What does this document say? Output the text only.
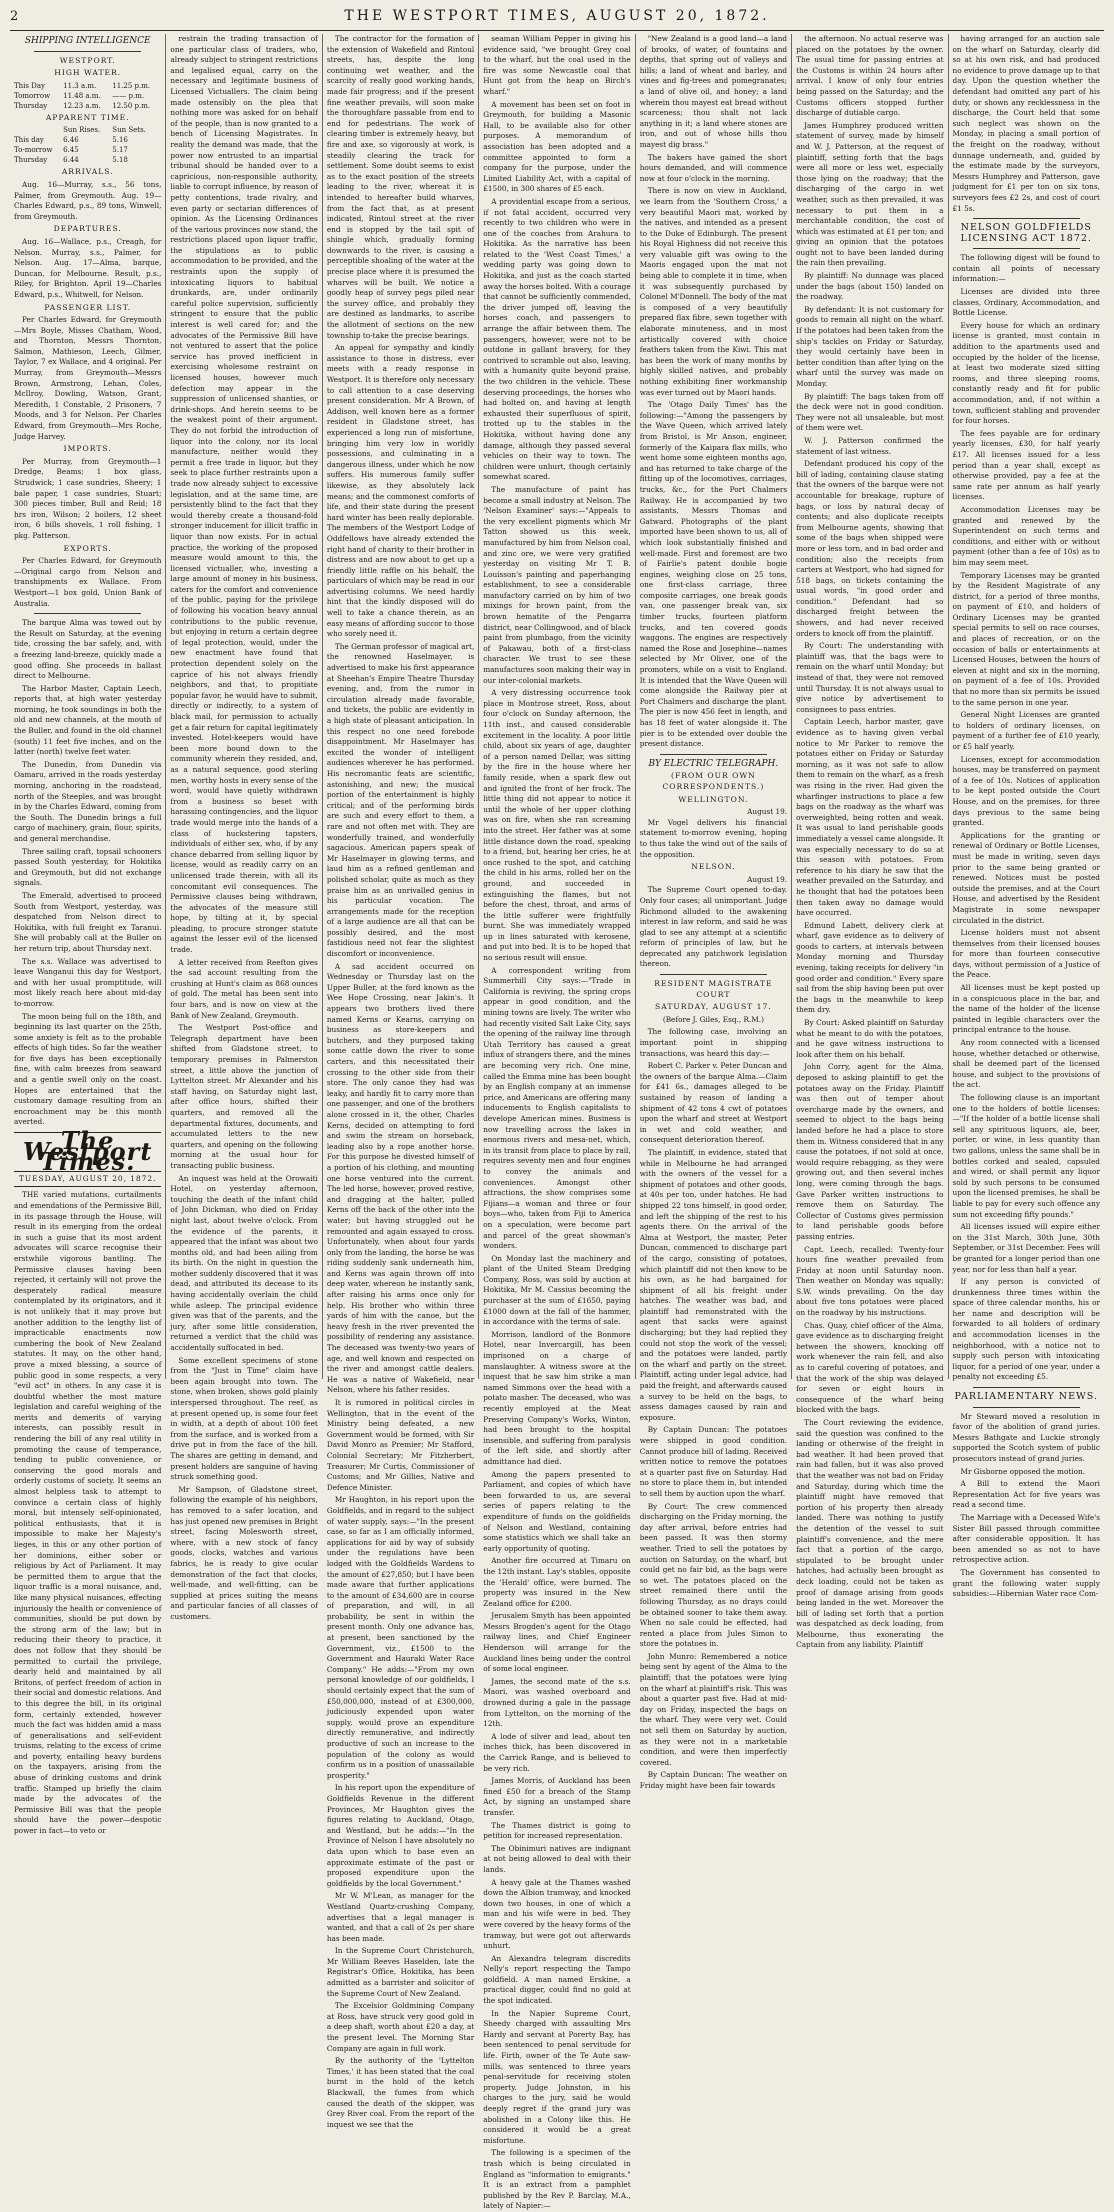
2	THE WESTPORT TIMES, AUGUST 20, 1872.
SHIPPING INTELLIGENCE
WESTPORT.
HIGH WATER.
This Day	11.3 a.m.	11.25 p.m.
Tomorrow	11.48 a.m.	—— p.m.
Thursday	12.23 a.m.	12.50 p.m.
APPARENT TIME.
Sun Rises.	Sun Sets.
This day	6.46	5.16
To-morrow	6.45	5.17
Thursday	6.44	5.18
ARRIVALS.

Aug. 16—Murray, s.s., 56 tons, Palmer, from Greymouth. Aug. 19—Charles Edward, p.s., 89 tons, Winwell, from Greymouth.

DEPARTURES.

Aug. 16—Wallace, p.s., Creagh, for Nelson. Murray, s.s., Palmer, for Nelson. Aug. 17—Alma, barque, Duncan, for Melbourne. Result, p.s., Riley, for Brighton. April 19—Charles Edward, p.s., Whitwell, for Nelson.

PASSENGER LIST.

Per Charles Edward, for Greymouth—Mrs Boyle, Misses Chatham, Wood, and Thornton, Messrs Thornton, Salmon, Mathieson, Leech, Gilmer, Taylor, 7 ex Wallace, and 4 original. Per Murray, from Greymouth—Messrs Brown, Armstrong, Lehan, Coles, McIlroy, Dowling, Watson, Grant, Meredith, 1 Constable, 2 Prisoners, 7 Moods, and 3 for Nelson. Per Charles Edward, from Greymouth—Mrs Roche, Judge Harvey.

IMPORTS.

Per Murray, from Greymouth—1 Dredge, Beams; 1 box glass, Strudwick; 1 case sundries, Sheery; 1 bale paper, 1 case sundries, Stuart; 300 pieces timber, Bull and Reid; 18 hrs iron, Wilson; 2 boilers, 12 sheet iron, 6 bills shovels, 1 roll fishing, 1 pkg. Patterson.

EXPORTS.

Per Charles Edward, for Greymouth—Original cargo from Nelson and transhipments ex Wallace. From Westport—1 box gold, Union Bank of Australia.

The barque Alma was towed out by the Result on Saturday, at the evening tide, crossing the bar safely, and, with a freezing land-breeze, quickly made a good offing. She proceeds in ballast direct to Melbourne.

The Harbor Master, Captain Leech, reports that, at high water yesterday morning, he took soundings in both the old and new channels, at the mouth of the Buller, and found in the old channel (south) 11 feet five inches, and on the latter (north) twelve feet water.

The Dunedin, from Dunedin via Oamaru, arrived in the roads yesterday morning, anchoring in the roadstead, north of the Steeples, and was brought in by the Charles Edward, coming from the South. The Dunedin brings a full cargo of machinery, grain, flour, spirits, and general merchandise.

Three sailing craft, topsail schooners passed South yesterday, for Hokitika and Greymouth, but did not exchange signals.

The Emerald, advertised to proceed South from Westport, yesterday, was despatched from Nelson direct to Hokitika, with full freight ex Taranui. She will probably call at the Buller on her return trip, about Thursday next.

The s.s. Wallace was advertised to leave Wanganui this day for Westport, and with her usual promptitude, will most likely reach here about mid-day to-morrow.

The moon being full on the 18th, and beginning its last quarter on the 25th, some anxiety is felt as to the probable effects of high tides. So far the weather for five days has been exceptionally fine, with calm breezes from seaward and a gentle swell only on the coast. Hopes are entertained that the customary damage resulting from an encroachment may be this month averted.

The Westport Times.
TUESDAY, AUGUST 20, 1872.

THE varied mutations, curtailments and emendations of the Permissive Bill, in its passage through the House, will result in its emerging from the ordeal in such a guise that its most ardent advocates will scarce recognise their erstwhile vigorous bantling. The Permissive clauses having been rejected, it certainly will not prove the desperately radical measure contemplated by its originators, and it is not unlikely that it may prove but another addition to the lengthy list of impracticable enactments now cumbering the book of New Zealand statutes. It may, on the other hand, prove a mixed blessing, a source of public good in some respects, a very "evil act" in others. In any case it is doubtful whether the most mature legislation and careful weighing of the merits and demerits of varying interests, can possibly result in rendering the bill of any real utility in promoting the cause of temperance, tending to public convenience, or conserving the good morals and orderly customs of society. It seems an almost helpless task to attempt to convince a certain class of highly moral, but intensely self-opinionated, political enthusiasts, that it is impossible to make her Majesty's lieges, in this or any other portion of her dominions, either sober or religious by Act of Parliament. It may be permitted them to argue that the liquor traffic is a moral nuisance, and, like many physical nuisances, effecting injuriously the health or convenience of communities, should be put down by the strong arm of the law; but in reducing their theory to practice, it does not follow that they should be permitted to curtail the privilege, dearly held and maintained by all Britons, of perfect freedom of action in their social and domestic relations. And to this degree the bill, in its original form, certainly extended, however much the fact was hidden amid a mass of generalisations and self-evident truisms, relating to the excess of crime and poverty, entailing heavy burdens on the taxpayers, arising from the abuse of drinking customs and drink traffic. Stamped up briefly the claim made by the advocates of the Permissive Bill was that the people should have the power—despotic power in fact—to veto or

restrain the trading transaction of one particular class of traders, who, already subject to stringent restrictions and legalised equal, carry on the necessary and legitimate business of Licensed Victuallers. The claim being made ostensibly on the plea that nothing more was asked for on behalf of the people, than is now granted to a bench of Licensing Magistrates. In reality the demand was made, that the power now entrusted to an impartial tribunal should be handed over to a capricious, non-responsible authority, liable to corrupt influence, by reason of petty contentions, trade rivalry, and even party or sectarian differences of opinion. As the Licensing Ordinances of the various provinces now stand, the restrictions placed upon liquor traffic, the stipulations as to public accommodation to be provided, and the restraints upon the supply of intoxicating liquors to habitual drunkards, are, under ordinarily careful police supervision, sufficiently stringent to ensure that the public interest is well cared for; and the advocates of the Permissive Bill have not ventured to assert that the police service has proved inefficient in exercising wholesome restraint on licensed houses, however much defection may appear in the suppression of unlicensed shanties, or drink-shops. And herein seems to be the weakest point of their argument. They do not forbid the introduction of liquor into the colony, nor its local manufacture, neither would they permit a free trade in liquor, but they seek to place further restraints upon a trade now already subject to excessive legislation, and at the same time, are persistently blind to the fact that they would thereby create a thousand-fold stronger inducement for illicit traffic in liquor than now exists. For in actual practice, the working of the proposed measure would amount to this, the licensed victualler, who, investing a large amount of money in his business, caters for the comfort and convenience of the public, paying for the privilege of following his vocation heavy annual contributions to the public revenue, but enjoying in return a certain degree of legal protection, would, under the new enactment have found that protection dependent solely on the caprice of his not always friendly neighbors, and that, to propitiate popular favor, he would have to submit, directly or indirectly, to a system of black mail, for permission to actually get a fair return for capital legitimately invested. Hotel-keepers would have been more bound down to the community wherein they resided, and, as a natural sequence, good sterling men, worthy hosts in every sense of the word, would have quietly withdrawn from a business so beset with harassing contingencies, and the liquor trade would merge into the hands of a class of huckstering tapsters, individuals of either sex, who, if by any chance debarred from selling liquor by license, would as readily carry on an unlicensed trade therein, with all its concomitant evil consequences. The Permissive clauses being withdrawn, the advocates of the measure still hope, by tilting at it, by special pleading, to procure stronger statute against the lesser evil of the licensed trade.

A letter received from Reefton gives the sad account resulting from the crushing at Hunt's claim as 868 ounces of gold. The metal has been sent into four bars, and is now on view at the Bank of New Zealand, Greymouth.

The Westport Post-office and Telegraph department have been shifted from Gladstone street, to temporary premises in Palmerston street, a little above the junction of Lyttelton street. Mr Alexander and his staff having, on Saturday night last, after office hours, shifted their quarters, and removed all the departmental fixtures, documents, and accumulated letters to the new quarters, and opening on the following morning at the usual hour for transacting public business.

An inquest was held at the Orowaiti Hotel, on yesterday afternoon, touching the death of the infant child of John Dickman, who died on Friday night last, about twelve o'clock. From the evidence of the parents, it appeared that the infant was about two months old, and had been ailing from its birth. On the night in question the mother suddenly discovered that it was dead, and attributed its decease to its having accidentally overlain the child while asleep. The principal evidence given was that of the parents, and the jury, after some little consideration, returned a verdict that the child was accidentally suffocated in bed.

Some excellent specimens of stone from the "Just in Time" claim have been again brought into town. The stone, when broken, shows gold plainly interspersed throughout. The reef, as at present opened up, is some four feet in width, at a depth of about 100 feet from the surface, and is worked from a drive put in from the face of the hill. The shares are getting in demand, and present holders are sanguine of having struck something good.

Mr Sampson, of Gladstone street, following the example of his neighbors, has removed to a safer location, and has just opened new premises in Bright street, facing Molesworth street, where, with a new stock of fancy goods, clocks, watches and various fabrics, he is ready to give ocular demonstration of the fact that clocks, well-made, and well-fitting, can be supplied at prices suiting the means and particular fancies of all classes of customers.

The contractor for the formation of the extension of Wakefield and Rintoul streets, has, despite the long continuing wet weather, and the scarcity of really good working hands, made fair progress; and if the present fine weather prevails, will soon make the thoroughfare passable from end to end for pedestrians. The work of clearing timber is extremely heavy, but fire and axe, so vigorously at work, is steadily clearing the track for settlement. Some doubt seems to exist as to the exact position of the streets leading to the river, whereat it is intended to hereafter build wharves, from the fact that, as at present indicated, Rintoul street at the river end is stopped by the tail spit of shingle which, gradually forming downwards to the river, is causing a perceptible shoaling of the water at the precise place where it is presumed the wharves will be built. We notice a goodly heap of survey pegs piled near the survey office, and probably they are destined as landmarks, to ascribe the allotment of sections on the new township to-take the precise bearings.

An appeal for sympathy and kindly assistance to those in distress, ever meets with a ready response in Westport. It is therefore only necessary to call attention to a case deserving present consideration. Mr A Brown, of Addison, well known here as a former resident in Gladstone street, has experienced a long run of misfortune, bringing him very low in worldly possessions, and culminating in a dangerous illness, under which he now suffers. His numerous family suffer likewise, as they absolutely lack means; and the commonest comforts of life, and their state during the present hard winter has been really deplorable. The members of the Westport Lodge of Oddfellows have already extended the right hand of charity to their brother in distress and are now about to get up a friendly little raffle on his behalf, the particulars of which may be read in our advertising columns. We need hardly hint that the kindly disposed will do well to take a chance therein, as an easy means of affording succor to those who sorely need it.

The German professor of magical art, the renowned Haselmayer, is advertised to make his first appearance at Sheehan's Empire Theatre Thursday evening, and, from the rumor in circulation already made favorable, and tickets, the public are evidently in a high state of pleasant anticipation. In this respect no one need forebode disappointment. Mr Haselmayer has excited the wonder of intelligent audiences wherever he has performed. His necromantic feats are scientific, astonishing, and new; the musical portion of the entertainment is highly critical; and of the performing birds are such and every effort to them, a rare and not often met with. They are wonderfully trained, and wonderfully sagacious. American papers speak of Mr Haselmayer in glowing terms, and laud him as a refined gentleman and polished scholar, quite as much as they praise him as an unrivalled genius in his particular vocation. The arrangements made for the reception of a large audience are all that can be possibly desired, and the most fastidious need not fear the slightest discomfort or inconvenience.

A sad accident occurred on Wednesday or Thursday last on the Upper Buller, at the ford known as the Wee Hope Crossing, near Jakin's. It appears two brothers lived there named Kerns or Kearns, carrying on business as store-keepers and butchers, and they purposed taking some cattle down the river to some carters, and this necessitated their crossing to the other side from their store. The only canoe they had was leaky, and hardly fit to carry more than one passenger, and one of the brothers alone crossed in it, the other, Charles Kerns, decided on attempting to ford and swim the stream on horseback, leading also by a rope another horse. For this purpose he divested himself of a portion of his clothing, and mounting one horse ventured into the current. The led horse, however, proved restive, and dragging at the halter, pulled Kerns off the back of the other into the water; but having struggled out he remounted and again essayed to cross. Unfortunately, when about four yards only from the landing, the horse he was riding suddenly sank underneath him, and Kerns was again thrown off into deep water, whereon he instantly sank, after raising his arms once only for help. His brother who within three yards of him with the canoe, but the heavy fresh in the river prevented the possibility of rendering any assistance. The deceased was twenty-two years of age, and well known and respected on the river and amongst cattle dealers. He was a native of Wakefield, near Nelson, where his father resides.

It is rumored in political circles in Wellington, that in the event of the Ministry being defeated, a new Government would be formed, with Sir David Monro as Premier; Mr Stafford, Colonial Secretary; Mr Fitzherbert, Treasurer; Mr Curtis, Commissioner of Customs; and Mr Gillies, Native and Defence Minister.

Mr Haughton, in his report upon the Goldfields, and in regard to the subject of water supply, says:—"In the present case, so far as I am officially informed, applications for aid by way of subsidy under the regulations have been lodged with the Goldfields Wardens to the amount of £27,850; but I have been made aware that further applications to the amount of £34,600 are in course of preparation, and will, in all probability, be sent in within the present month. Only one advance has, at present, been sanctioned by the Government, viz., £1500 to the Government and Hauraki Water Race Company." He adds:—"From my own personal knowledge of our goldfields, I should certainly expect that the sum of £50,000,000, instead of at £300,000, judiciously expended upon water supply, would prove an expenditure directly remunerative, and indirectly productive of such an increase to the population of the colony as would confirm us in a position of unassailable prosperity."

In his report upon the expenditure of Goldfields Revenue in the different Provinces, Mr Haughton gives the figures relating to Auckland, Otago, and Westland, but he adds:—"In the Province of Nelson I have absolutely no data upon which to base even an approximate estimate of the past or proposed expenditure upon the goldfields by the local Government."

Mr W. M'Lean, as manager for the Westland Quartz-crushing Company, advertises that a legal manager is wanted, and that a call of 2s per share has been made.

In the Supreme Court Christchurch, Mr William Reeves Haselden, late the Registrar's Office, Hokitika, has been admitted as a barrister and solicitor of the Supreme Court of New Zealand.

The Excelsior Goldmining Company at Ross, have struck very good gold in a deep shaft, worth about £20 a day, at the present level. The Morning Star Company are again in full work.

By the authority of the 'Lyttelton Times,' it has been stated that the coal burnt in the hold of the ketch Blackwall, the fumes from which caused the death of the skipper, was Grey River coal. From the report of the inquest we see that the

seaman William Pepper in giving his evidence said, "we brought Grey coal to the wharf, but the coal used in the fire was some Newcastle coal that Hunt got from the heap on Birch's wharf."

A movement has been set on foot in Greymouth, for building a Masonic Hall, to be available also for other purposes. A memorandum of association has been adopted and a committee appointed to form a company for the purpose, under the Limited Liability Act, with a capital of £1500, in 300 shares of £5 each.

A providential escape from a serious, if not fatal accident, occurred very recently to two children who were in one of the coaches from Arahura to Hokitika. As the narrative has been related to the 'West Coast Times,' a wedding party was going down to Hokitika, and just as the coach started away the horses bolted. With a courage that cannot be sufficiently commended, the driver jumped off, leaving the horses coach, and passengers to arrange the affair between them. The passengers, however, were not to be outdone in gallant bravery, for they contrived to scramble out also, leaving, with a humanity quite beyond praise, the two children in the vehicle. These deserving proceedings, the horses who had bolted on, and having at length exhausted their superfluous of spirit, trotted up to the stables in the Hokitika, without having done any damage, although they passed several vehicles on their way to town. The children were unhurt, though certainly somewhat scared.

The manufacture of paint has become a small industry at Nelson. The 'Nelson Examiner' says:—"Appeals to the very excellent pigments which Mr Tatton showed us this week, manufactured by him from Nelson coal, and zinc ore, we were very gratified yesterday on visiting Mr T. B. Louisson's painting and paperhanging establishment, to see a considerable manufactory carried on by him of two mixings for brown paint, from the brown hematite of the Pengarra district, near Collingwood, and of black paint from plumbago, from the vicinity of Pakawau, both of a first-class character. We trust to see these manufactures soon making their way in our inter-colonial markets.

A very distressing occurrence took place in Montrose street, Ross, about four o'clock on Sunday afternoon, the 11th inst., and caused considerable excitement in the locality. A poor little child, about six years of age, daughter of a person named Dellar, was sitting by the fire in the house where her family reside, when a spark flew out and ignited the front of her frock. The little thing did not appear to notice it until the whole of her upper clothing was on fire, when she ran screaming into the street. Her father was at some little distance down the road, speaking to a friend, but, hearing her cries, he at once rushed to the spot, and catching the child in his arms, rolled her on the ground, and succeeded in extinguishing the flames, but not before the chest, throat, and arms of the little sufferer were frightfully burnt. She was immediately wrapped up in lines saturated with kerosene, and put into bed. It is to be hoped that no serious result will ensue.

A correspondent writing from Summerhill City says:—"Trade in California is reviving, the spring crops appear in good condition, and the mining towns are lively. The writer who had recently visited Salt Lake City, says the opening of the railway line through Utah Territory has caused a great influx of strangers there, and the mines are becoming very rich. One mine, called the Emma mine has been bought by an English company at an immense price, and Americans are offering many inducements to English capitalists to develope American mines. Business is now travelling across the lakes in enormous rivers and mesa-net, which, in its transit from place to place by rail, requires seventy men and four engines to convey the animals and conveniences. Amongst other attractions, the show comprises some Fijians—a woman and three or four boys—who, taken from Fiji to America on a speculation, were become part and parcel of the great showman's wonders.

On Monday last the machinery and plant of the United Steam Dredging Company, Ross, was sold by auction at Hokitika, Mr M. Cassius becoming the purchaser at the sum of £1650, paying £1000 down at the fall of the hammer, in accordance with the terms of sale.

Morrison, landlord of the Bonmore Hotel, near Invercargill, has been imprisoned on a charge of manslaughter. A witness swore at the inquest that he saw him strike a man named Simmons over the head with a potato masher. The deceased, who was recently employed at the Meat Preserving Company's Works, Winton, had been brought to the hospital insensible, and suffering from paralysis of the left side, and shortly after admittance had died.

Among the papers presented to Parliament, and copies of which have been forwarded to us, are several series of papers relating to the expenditure of funds on the goldfields of Nelson and Westland, containing some statistics which we shall take an early opportunity of quoting.

Another fire occurred at Timaru on the 12th instant. Lay's stables, opposite the 'Herald' office, were burned. The property was insured in the New Zealand office for £200.

Jerusalem Smyth has been appointed Messrs Brogden's agent for the Otago railway lines, and Chief Engineer Henderson will arrange for the Auckland lines being under the control of some local engineer.

James, the second mate of the s.s. Maori, was washed overboard and drowned during a gale in the passage from Lyttelton, on the morning of the 12th.

A lode of silver and lead, about ten inches thick, has been discovered in the Carrick Range, and is believed to be very rich.

James Morris, of Auckland has been fined £50 for a breach of the Stamp Act, by signing an unstamped share transfer.

The Thames district is going to petition for increased representation.

The Obinimuri natives are indignant at not being allowed to deal with their lands.

A heavy gale at the Thames washed down the Albion tramway, and knocked down two houses, in one of which a man and his wife were in bed. They were covered by the heavy forms of the tramway, but were got out afterwards unhurt.

An Alexandra telegram discredits Nelly's report respecting the Tampo goldfield. A man named Erskine, a practical digger, could find no gold at the spot indicated.

In the Napier Supreme Court, Sheedy charged with assaulting Mrs Hardy and servant at Porerty Bay, has been sentenced to penal servitude for life. Firth, owner of the Te Aute saw-mills, was sentenced to three years penal-servitude for receiving stolen property. Judge Johnston, in his charges to the jury, said he would deeply regret if the grand jury was abolished in a Colony like this. He considered it would be a great misfortune.

The following is a specimen of the trash which is being circulated in England as "information to emigrants." It is an extract from a pamphlet published by the Rev P. Barclay, M.A., lately of Napier:—

"New Zealand is a good land—a land of brooks, of water, of fountains and depths, that spring out of valleys and hills; a land of wheat and barley, and vines and fig-trees and pomegranates; a land of olive oil, and honey; a land wherein thou mayest eat bread without scarceness; thou shalt not lack anything in it; a land where stones are iron, and out of whose hills thou mayest dig brass."

The bakers have gained the short hours demanded, and will commence now at four o'clock in the morning.

There is now on view in Auckland, we learn from the 'Southern Cross,' a very beautiful Maori mat, worked by the natives, and intended as a present to the Duke of Edinburgh. The present his Royal Highness did not receive this very valuable gift was owing to the Maoris engaged upon the mat not being able to complete it in time, when it was subsequently purchased by Colonel M'Donnell. The body of the mat is composed of a very beautifully prepared flax fibre, sewn together with elaborate minuteness, and in most artistically covered with choice feathers taken from the Kiwi. This mat has been the work of many months by highly skilled natives, and probably nothing exhibiting finer workmanship was ever turned out by Maori hands.

The 'Otago Daily Times' has the following:—"Among the passengers by the Wave Queen, which arrived lately from Bristol, is Mr Anson, engineer, formerly of the Kaipara flax mills, who went home some eighteen months ago, and has returned to take charge of the fitting up of the locomotives, carriages, trucks, &c., for the Port Chalmers Railway. He is accompanied by two assistants, Messrs Thomas and Gatward. Photographs of the plant imported have been shown to us, all of which look substantially finished and well-made. First and foremost are two of Fairlie's patent double bogie engines, weighing close on 25 tons, one first-class carriage, three composite carriages, one break goods van, one passenger break van, six timber trucks, fourteen platform trucks, and ten covered goods waggons. The engines are respectively named the Rose and Josephine—names selected by Mr Oliver, one of the promoters, while on a visit to England. It is intended that the Wave Queen will come alongside the Railway pier at Port Chalmers and discharge the plant. The pier is now 456 feet in length, and has 18 feet of water alongside it. The pier is to be extended over double the present distance.

BY ELECTRIC TELEGRAPH.
(FROM OUR OWN CORRESPONDENTS.)
WELLINGTON.
August 19.

Mr Vogel delivers his financial statement to-morrow evening, hoping to thus take the wind out of the sails of the opposition.

NELSON.
August 19.

The Supreme Court opened to-day. Only four cases; all unimportant. Judge Richmond alluded to the awakening interest in law reform, and said he was glad to see any attempt at a scientific reform of principles of law, but he deprecated any patchwork legislation thereon.

RESIDENT MAGISTRATE COURT
SATURDAY, AUGUST 17.
(Before J. Giles, Esq., R.M.)

The following case, involving an important point in shipping transactions, was heard this day:—

Robert C. Parker v. Peter Duncan and the owners of the barque Alma.—Claim for £41 6s., damages alleged to be sustained by reason of landing a shipment of 42 tons 4 cwt of potatoes upon the wharf and street at Westport in wet and cold weather, and consequent deterioration thereof.

The plaintiff, in evidence, stated that while in Melbourne he had arranged with the owners of the vessel for a shipment of potatoes and other goods, at 40s per ton, under hatches. He had shipped 22 tons himself, in good order, and left the shipping of the rest to his agents there. On the arrival of the Alma at Westport, the master, Peter Duncan, commenced to discharge part of the cargo, consisting of potatoes, which plaintiff did not then know to be his own, as he had bargained for shipment of all his freight under hatches. The weather was bad, and plaintiff had remonstrated with the agent that sacks were against discharging; but they had replied they could not stop the work of the vessel; and the potatoes were landed, partly on the wharf and partly on the street. Plaintiff, acting under legal advice, had paid the freight, and afterwards caused a survey to be held on the bags, to assess damages caused by rain and exposure.

By Captain Duncan: The potatoes were shipped in good condition. Cannot produce bill of lading. Received written notice to remove the potatoes at a quarter past five on Saturday. Had no store to place them in, but intended to sell them by auction upon the wharf.

By Court: The crew commenced discharging on the Friday morning, the day after arrival, before entries had been passed. It was then stormy weather. Tried to sell the potatoes by auction on Saturday, on the wharf, but could get no fair bid, as the bags were so wet. The potatoes placed on the street remained there until the following Thursday, as no drays could be obtained sooner to take them away. When no sale could be effected, had rented a place from Jules Simon to store the potatoes in.

John Munro: Remembered a notice being sent by agent of the Alma to the plaintiff; that the potatoes were lying on the wharf at plaintiff's risk. This was about a quarter past five. Had at mid-day on Friday, inspected the bags on the wharf. They were very wet. Could not sell them on Saturday by auction, as they were not in a marketable condition, and were then imperfectly covered.

By Captain Duncan: The weather on Friday might have been fair towards

the afternoon. No actual reserve was placed on the potatoes by the owner. The usual time for passing entries at the Customs is within 24 hours after arrival. I know of only four entries being passed on the Saturday; and the Customs officers stopped further discharge of dutiable cargo.

James Humphrey produced written statement of survey, made by himself and W. J. Patterson, at the request of plaintiff, setting forth that the bags were all more or less wet, especially those lying on the roadway; that the discharging of the cargo in wet weather, such as then prevailed, it was necessary to put them in a merchantable condition, the cost of which was estimated at £1 per ton; and giving an opinion that the potatoes ought not to have been landed during the rain then prevailing.

By plaintiff: No dunnage was placed under the bags (about 150) landed on the roadway.

By defendant: It is not customary for goods to remain all night on the wharf. If the potatoes had been taken from the ship's tackles on Friday or Saturday, they would certainly have been in better condition than after lying on the wharf until the survey was made on Monday.

By plaintiff: The bags taken from off the deck were not in good condition. They were not all unsaleable, but most of them were wet.

W. J. Patterson confirmed the statement of last witness.

Defendant produced his copy of the bill of lading, containing clause stating that the owners of the barque were not accountable for breakage, rupture of bags, or loss by natural decay of contents; and also duplicate receipts from Melbourne agents, showing that some of the bags when shipped were more or less torn, and in bad order and condition; also the receipts from carters at Westport, who had signed for 518 bags, on tickets containing the usual words, "in good order and condition." Defendant had so discharged freight between the showers, and had never received orders to knock off from the plaintiff.

By Court: The understanding with plaintiff was, that the bags were to remain on the wharf until Monday; but instead of that, they were not removed until Thursday. It is not always usual to give notice by advertisement to consignees to pass entries.

Captain Leech, harbor master, gave evidence as to having given verbal notice to Mr Parker to remove the potatoes either on Friday or Saturday morning, as it was not safe to allow them to remain on the wharf, as a fresh was rising in the river. Had given the wharfinger instructions to place a few bags on the roadway as the wharf was overweighted, being rotten and weak. It was usual to land perishable goods immediately a vessel came alongside. It was especially necessary to do so at this season with potatoes. From reference to his diary he saw that the weather prevailed on the Saturday, and he thought that had the potatoes been then taken away no damage would have occurred.

Edmund Labett, delivery clerk at wharf, gave evidence as to delivery of goods to carters, at intervals between Monday morning and Thursday evening, taking receipts for delivery "in good order and condition." Every spare sail from the ship having been put over the bags in the meanwhile to keep them dry.

By Court: Asked plaintiff on Saturday what he meant to do with the potatoes, and he gave witness instructions to look after them on his behalf.

John Corry, agent for the Alma, deposed to asking plaintiff to get the potatoes away on the Friday. Plaintiff was then out of temper about overcharge made by the owners, and seemed to object to the bags being landed before he had a place to store them in. Witness considered that in any cause the potatoes, if not sold at once, would require rebagging, as they were growing out, and then several inches long, were coming through the bags. Gave Parker written instructions to remove them on Saturday. The Collector of Customs gives permission to land perishable goods before passing entries.

Capt. Leech, recalled: Twenty-four hours fine weather prevailed from Friday at noon until Saturday noon. Then weather on Monday was squally; S.W. winds prevailing. On the day about five tons potatoes were placed on the roadway by his instructions.

Chas. Quay, chief officer of the Alma, gave evidence as to discharging freight between the showers, knocking off work whenever the rain fell, and also as to careful covering of potatoes, and that the work of the ship was delayed for seven or eight hours in consequence of the wharf being blocked with the bags.

The Court reviewing the evidence, said the question was confined to the landing or otherwise of the freight in bad weather. It had been proved that rain had fallen, but it was also proved that the weather was not bad on Friday and Saturday, during which time the plaintiff might have removed that portion of his property then already landed. There was nothing to justify the detention of the vessel to suit plaintiff's convenience, and the mere fact that a portion of the cargo, stipulated to be brought under hatches, had actually been brought as deck loading, could not be taken as proof of damage arising from goods being landed in the wet. Moreover the bill of lading set forth that a portion was despatched as deck loading, from Melbourne, thus exonerating the Captain from any liability. Plaintiff

having arranged for an auction sale on the wharf on Saturday, clearly did so at his own risk, and had produced no evidence to prove damage up to that day. Upon the question whether the defendant had omitted any part of his duty, or shown any recklessness in the discharge, the Court held that some such neglect was shown on the Monday, in placing a small portion of the freight on the roadway, without dunnage underneath, and, guided by the estimate made by the surveyors, Messrs Humphrey and Patterson, gave judgment for £1 per ton on six tons, surveyors fees £2 2s, and cost of court £1 5s.

NELSON GOLDFIELDS LICENSING ACT 1872.

The following digest will be found to contain all points of necessary information:—

Licenses are divided into three classes, Ordinary, Accommodation, and Bottle License.

Every house for which an ordinary license is granted, must contain in addition to the apartments used and occupied by the holder of the license, at least two moderate sized sitting rooms, and three sleeping rooms, constantly ready and fit for public accommodation, and, if not within a town, sufficient stabling and provender for four horses.

The fees payable are for ordinary yearly licenses, £30, for half yearly £17. All licenses issued for a less period than a year shall, except as otherwise provided, pay a fee at the same rate per annum as half yearly licenses.

Accommodation Licenses may be granted and renewed by the Superintendent on such terms and conditions, and either with or without payment (other than a fee of 10s) as to him may seem meet.

Temporary Licenses may be granted by the Resident Magistrate of any district, for a period of three months, on payment of £10, and holders of Ordinary Licenses may be granted special permits to sell on race courses, and places of recreation, or on the occasion of balls or entertainments at Licensed Houses, between the hours of eleven at night and six in the morning, on payment of a fee of 10s. Provided that no more than six permits be issued to the same person in one year.

General Night Licenses are granted to holders of ordinary licenses, on payment of a further fee of £10 yearly, or £5 half yearly.

Licenses, except for accommodation houses, may be transferred on payment of a fee of 10s. Notices of application to be kept posted outside the Court House, and on the premises, for three days previous to the same being granted.

Applications for the granting or renewal of Ordinary or Bottle Licenses, must be made in writing, seven days prior to the same being granted or renewed. Notices must be posted outside the premises, and at the Court House, and advertised by the Resident Magistrate in some newspaper circulated in the district.

License holders must not absent themselves from their licensed houses for more than fourteen consecutive days, without permission of a Justice of the Peace.

All licenses must be kept posted up in a conspicuous place in the bar, and the name of the holder of the license painted in legible characters over the principal entrance to the house.

Any room connected with a licensed house, whether detached or otherwise, shall be deemed part of the licensed house, and subject to the provisions of the act.

The following clause is an important one to the holders of bottle licenses:—"If the holder of a bottle license shall sell any spirituous liquors, ale, beer, porter, or wine, in less quantity than two gallons, unless the same shall be in bottles corked and sealed, capsuled and wired, or shall permit any liquor sold by such persons to be consumed upon the licensed premises, he shall be liable to pay for every such offence any sum not exceeding fifty pounds."

All licenses issued will expire either on the 31st March, 30th June, 30th September, or 31st December. Fees will be granted for a longer period than one year, nor for less than half a year.

If any person is convicted of drunkenness three times within the space of three calendar months, his or her name and description will be forwarded to all holders of ordinary and accommodation licenses in the neighborhood, with a notice not to supply such person with intoxicating liquor, for a period of one year, under a penalty not exceeding £5.

PARLIAMENTARY NEWS.

Mr Steward moved a resolution in favor of the abolition of grand juries. Messrs Bathgate and Luckie strongly supported the Scotch system of public prosecutors instead of grand juries.

Mr Gisborne opposed the motion.

A Bill to extend the Maori Representation Act for five years was read a second time.

The Marriage with a Deceased Wife's Sister Bill passed through committee after considerable opposition. It has been amended so as not to have retrospective action.

The Government has consented to grant the following water supply subsidies:—Hibernian Water race Com-
